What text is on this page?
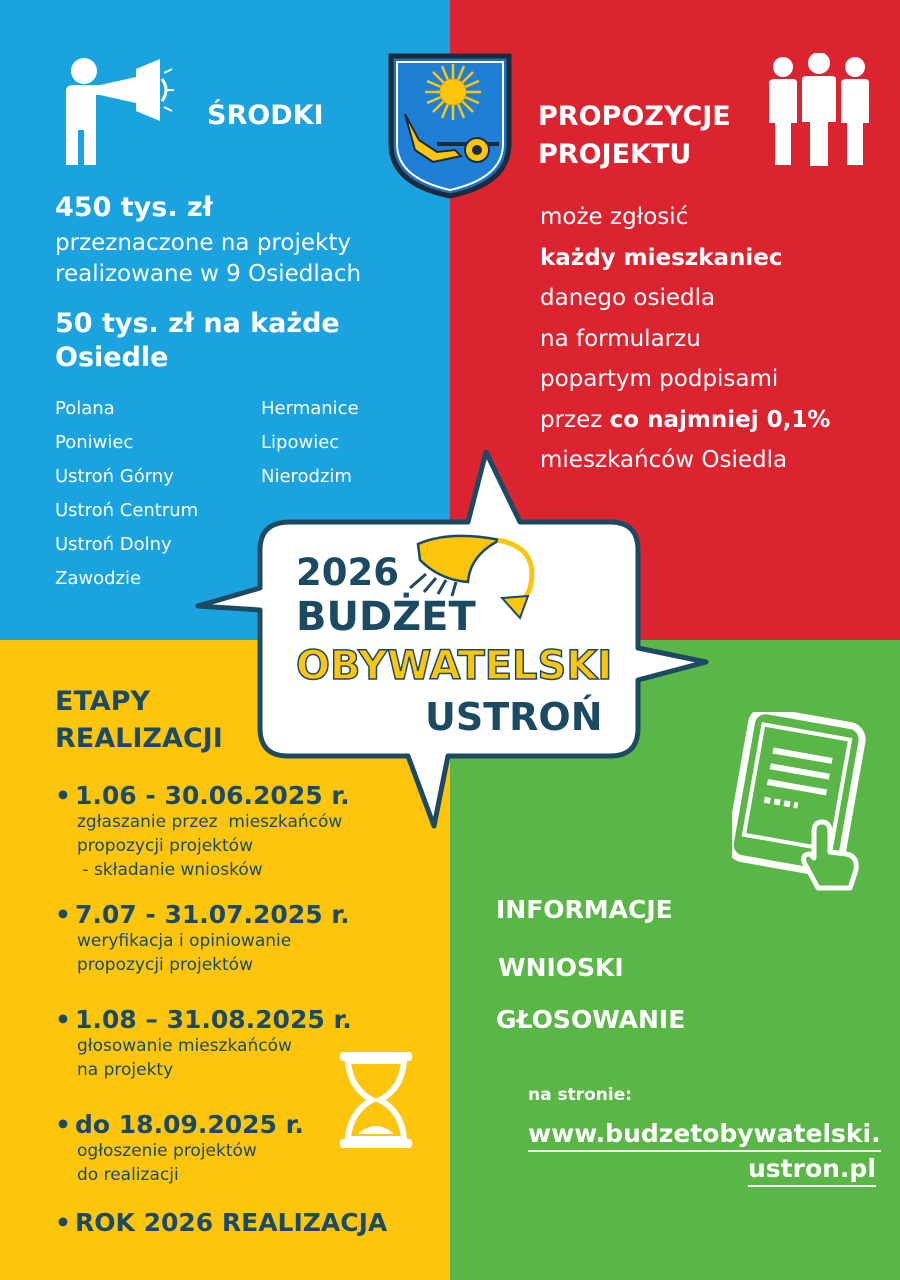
ŚRODKI
450 tys. zł
przeznaczone na projekty realizowane w 9 Osiedlach
50 tys. zł na każde Osiedle
Polana
Poniwiec
Ustroń Górny
Ustroń Centrum
Ustroń Dolny
Zawodzie
Hermanice
Lipowiec
Nierodzim
PROPOZYCJE
PROJEKTU
może zgłosić
każdy mieszkaniec
danego osiedla
na formularzu
popartym podpisami
przez co najmniej 0,1%
mieszkańców Osiedla
2026
BUDŻET
OBYWATELSKI
USTROŃ
ETAPY
REALIZACJI
• 1.06 - 30.06.2025 r.
zgłaszanie przez  mieszkańców
propozycji projektów
- składanie wniosków
• 7.07 - 31.07.2025 r.
weryfikacja i opiniowanie
propozycji projektów
• 1.08 – 31.08.2025 r.
głosowanie mieszkańców
na projekty
• do 18.09.2025 r.
ogłoszenie projektów
do realizacji
• ROK 2026 REALIZACJA
INFORMACJE
WNIOSKI
GŁOSOWANIE
na stronie:
www.budzetobywatelski.
ustron.pl
